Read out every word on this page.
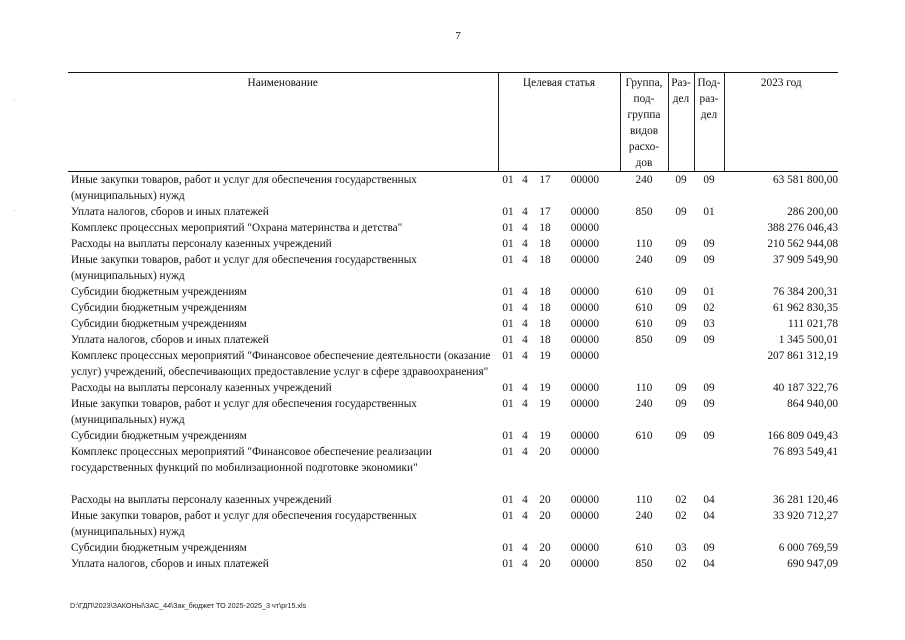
7
Наименование	Целевая статья	Группа, под-группа видов расхо-дов	Раз-дел	Под-раз-дел	2023 год
Иные закупки товаров, работ и услуг для обеспечения государственных (муниципальных) нужд	01 4 17 00000	240	09	09	63 581 800,00
Уплата налогов, сборов и иных платежей	01 4 17 00000	850	09	01	286 200,00
Комплекс процессных мероприятий "Охрана материнства и детства"	01 4 18 00000				388 276 046,43
Расходы на выплаты персоналу казенных учреждений	01 4 18 00000	110	09	09	210 562 944,08
Иные закупки товаров, работ и услуг для обеспечения государственных (муниципальных) нужд	01 4 18 00000	240	09	09	37 909 549,90
Субсидии бюджетным учреждениям	01 4 18 00000	610	09	01	76 384 200,31
Субсидии бюджетным учреждениям	01 4 18 00000	610	09	02	61 962 830,35
Субсидии бюджетным учреждениям	01 4 18 00000	610	09	03	111 021,78
Уплата налогов, сборов и иных платежей	01 4 18 00000	850	09	09	1 345 500,01
Комплекс процессных мероприятий "Финансовое обеспечение деятельности (оказание услуг) учреждений, обеспечивающих предоставление услуг в сфере здравоохранения"	01 4 19 00000				207 861 312,19
Расходы на выплаты персоналу казенных учреждений	01 4 19 00000	110	09	09	40 187 322,76
Иные закупки товаров, работ и услуг для обеспечения государственных (муниципальных) нужд	01 4 19 00000	240	09	09	864 940,00
Субсидии бюджетным учреждениям	01 4 19 00000	610	09	09	166 809 049,43
Комплекс процессных мероприятий "Финансовое обеспечение реализации государственных функций по мобилизационной подготовке экономики"	01 4 20 00000				76 893 549,41

Расходы на выплаты персоналу казенных учреждений	01 4 20 00000	110	02	04	36 281 120,46
Иные закупки товаров, работ и услуг для обеспечения государственных (муниципальных) нужд	01 4 20 00000	240	02	04	33 920 712,27
Субсидии бюджетным учреждениям	01 4 20 00000	610	03	09	6 000 769,59
Уплата налогов, сборов и иных платежей	01 4 20 00000	850	02	04	690 947,09
D:\ГДП\2023\ЗАКОНЫ\ЗАС_44\Зак_бюджет ТО 2025-2025_3 чт\pr15.xls
